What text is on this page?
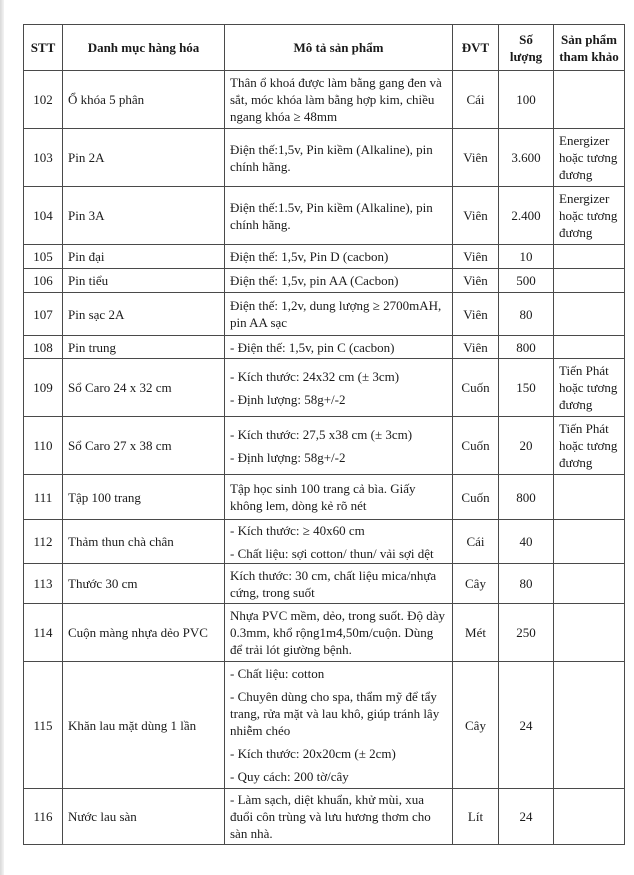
STT	Danh mục hàng hóa	Mô tả sản phẩm	ĐVT	Số
lượng	Sản phẩm
tham khảo

102	Ổ khóa 5 phân	Thân ổ khoá được làm bằng gang đen và sắt, móc khóa làm bằng hợp kim, chiều ngang khóa ≥ 48mm	Cái	100	
103	Pin 2A	Điện thế:1,5v, Pin kiềm (Alkaline), pin chính hãng.	Viên	3.600	Energizer hoặc tương đương
104	Pin 3A	Điện thế:1.5v, Pin kiềm (Alkaline), pin chính hãng.	Viên	2.400	Energizer hoặc tương đương
105	Pin đại	Điện thế: 1,5v, Pin D (cacbon)	Viên	10	
106	Pin tiểu	Điện thế: 1,5v, pin AA (Cacbon)	Viên	500	
107	Pin sạc 2A	Điện thế: 1,2v, dung lượng ≥ 2700mAH, pin AA sạc	Viên	80	
108	Pin trung	- Điện thế: 1,5v, pin C (cacbon)	Viên	800	
109	Sổ Caro 24 x 32 cm	- Kích thước: 24x32 cm (± 3cm)
- Định lượng: 58g+/-2	Cuốn	150	Tiến Phát hoặc tương đương
110	Sổ Caro 27 x 38 cm	- Kích thước: 27,5 x38 cm (± 3cm)
- Định lượng: 58g+/-2	Cuốn	20	Tiến Phát hoặc tương đương
111	Tập 100 trang	Tập học sinh 100 trang cả bìa. Giấy không lem, dòng kẻ rõ nét	Cuốn	800	
112	Thảm thun chà chân	- Kích thước: ≥ 40x60 cm
- Chất liệu: sợi cotton/ thun/ vải sợi dệt	Cái	40	
113	Thước 30 cm	Kích thước: 30 cm, chất liệu mica/nhựa cứng, trong suốt	Cây	80	
114	Cuộn màng nhựa dẻo PVC	Nhựa PVC mềm, dẻo, trong suốt. Độ dày 0.3mm, khổ rộng1m4,50m/cuộn. Dùng để trải lót giường bệnh.	Mét	250	
115	Khăn lau mặt dùng 1 lần	- Chất liệu: cotton
- Chuyên dùng cho spa, thẩm mỹ để tẩy trang, rửa mặt và lau khô, giúp tránh lây nhiễm chéo
- Kích thước: 20x20cm (± 2cm)
- Quy cách: 200 tờ/cây	Cây	24	
116	Nước lau sàn	- Làm sạch, diệt khuẩn, khử mùi, xua đuổi côn trùng và lưu hương thơm cho sàn nhà.	Lít	24	
